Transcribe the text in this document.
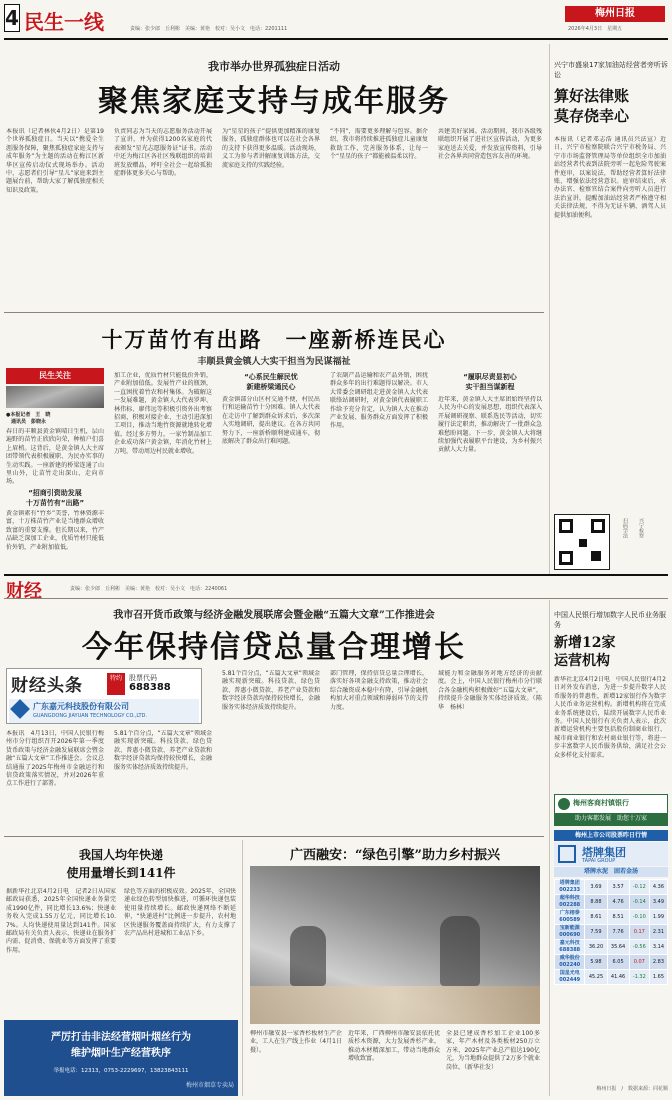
4 民生一线	责编：张少郎　丘利彬　美编：黄艳　校对：吴小文　电话：2201111
梅州日报
2026年4月3日　星期五
我市举办世界孤独症日活动
聚焦家庭支持与成年服务
本报讯（记者林伙4月2日）是第19个世界孤独症日。当天以“携爱全生涯服务保障，聚焦孤独症家庭支持与成年服务”为主题的活动在梅江区新华区宣传启动仪式现场举办。活动中，志愿者们引导“星儿”家庭来到主题展台前，帮助大家了解孤独症相关知识及政策。
负责同志为当天的志愿服务活动开展了宣讲，并为获得1200名家庭的代表颁发“星光志愿服务证”证书。活动中还为梅江区各社区残联组织的培训班发放赠品，呼吁全社会一起给孤独症群体更多关心与帮助。
为“星星的孩子”提供更加精准的康复服务，孤独症群体也可以在社会各界的支持下获得更多温暖。活动现场，义工为参与者讲解康复训练方法，交流家庭支持的实践经验。
“不同”，需要更多理解与包容。据介绍，我市将持续推进孤独症儿童康复救助工作，完善服务体系，让每一个“星星的孩子”都能被温柔以待。
共建美好家园。活动期间，我市各级残联组织开展了进社区宣传活动，为更多家庭送去关爱，并发放宣传资料，引导社会各界共同营造包容友善的环境。
兴宁市盛泉17家加油站经营者旁听诉讼
算好法律账
莫存侥幸心
本报讯（记者邓志浩 通讯员兴法宣）近日，兴宁市检察院联合兴宁市税务局、兴宁市市场监督管理局等单位组织全市加油站经营者代表到法院旁听一起危险驾驶案件庭审，以案说法，帮助经营者算好法律账，增强依法经营意识。庭审结束后，承办法官、检察官结合案件向旁听人员进行法治宣讲，提醒加油站经营者严格遵守相关法律法规，不得为无证车辆、酒驾人员提供加油便利。
扫码学法	兴宁检察
十万苗竹有出路　一座新桥连民心
丰顺县黄金镇人大实干担当为民谋福祉
民生关注
●本报记者　王　晓
　通讯员　彭晓永
春日的丰顺县黄金镇晴日生机，层山遍野的苗竹正欣欣向荣，种植户们喜上眉梢。这背后，是黄金镇人大主席团带领代表积极履职、为民办实事的生动实践。一座新建的桥梁连通了山里山外，让苗竹走出深山、走向市场。
“招商引资助发展
十万苗竹有“出路”
黄金镇素有“竹乡”美誉，竹林资源丰富，十万株苗竹产业是当地群众增收致富的重要支撑。但长期以来，竹产品缺乏深加工企业，优质竹材只能低价外销，产业附加值低。
加工企业，优质竹材只能低价外销，产业附加值低。发展竹产业的瓶颈，一直困扰着竹农和村集体。为破解这一发展难题，黄金镇人大代表罗坤、林伟标、廖伟远等积极引资外出考察招商，积极对接企业，主动引进深加工项目，推动当地竹资源就地转化增值。经过多方努力，一家竹制品加工企业成功落户黄金镇，年消化竹材上万吨，带动周边村民就业增收。
“心系民生解民忧
新建桥梁通民心
黄金镇部分山区村交通不便，村民出行和运输苗竹十分困难。镇人大代表在走访中了解到群众诉求后，多次深入实地调研，提出建议。在各方共同努力下，一座新桥顺利建成通车，彻底解决了群众出行难问题。
了农副产品运输和农产品外销，困扰群众多年的出行难题得以解决。市人大常委会调研组走进黄金镇人大代表联络站调研时，对黄金镇代表履职工作给予充分肯定，认为镇人大在推动产业发展、服务群众方面发挥了积极作用。
“履职尽责显初心
实干担当谋新程
近年来，黄金镇人大主席团始终坚持以人民为中心的发展思想，组织代表深入开展调研视察、联系选民等活动，切实履行法定职责，推动解决了一批群众急难愁盼问题。下一步，黄金镇人大将继续加强代表履职平台建设，为乡村振兴贡献人大力量。
财经	责编：张少郎　丘利彬　美编：黄艳　校对：吴小文　电话：2240061
我市召开货币政策与经济金融发展联席会暨金融“五篇大文章”工作推进会
今年保持信贷总量合理增长
财经头条	特约	股票代码
688388
广东嘉元科技股份有限公司
GUANGDONG JIAYUAN TECHNOLOGY CO.,LTD.
本报讯　4月13日，中国人民银行梅州市分行组织召开2026年第一季度货币政策与经济金融发展联席会暨金融“五篇大文章”工作推进会。会议总结通报了2025年梅州市金融运行和信贷政策落实情况，并对2026年重点工作进行了部署。
5.81个百分点，“五篇大文章”领域金融实现新突破。科技贷款、绿色贷款、普惠小微贷款、养老产业贷款和数字经济贷款均保持较快增长，金融服务实体经济质效持续提升。
5.81个百分点，“五篇大文章”领域金融实现新突破。科技贷款、绿色贷款、普惠小微贷款、养老产业贷款和数字经济贷款均保持较快增长，金融服务实体经济质效持续提升。
部门管理，保持信贷总量合理增长，落实好各项金融支持政策，推动社会综合融资成本稳中有降，引导金融机构加大对重点领域和薄弱环节的支持力度。
域能力和金融服务对地方经济的贡献度。会上，中国人民银行梅州市分行联合各金融机构积极做好“五篇大文章”，持续提升金融服务实体经济质效。（陈华　杨林）
中国人民银行增加数字人民币业务服务
新增12家
运营机构
新华社北京4月2日电　中国人民银行4月2日对外发布消息，为进一步提升数字人民币服务的普惠性，新增12家银行作为数字人民币业务运营机构。新增机构将在完成业务系统建设后，陆续开展数字人民币业务。中国人民银行有关负责人表示，此次新增运营机构主要包括股份制商业银行、城市商业银行和农村商业银行等，将进一步丰富数字人民币服务供给，满足社会公众多样化支付需求。
梅州客商村镇银行
助力客都发展　助您十万家
梅州上市公司股票昨日行情
塔牌集团
TAPAI GROUP
塔牌水泥　固若金汤
塔牌集团
002233	3.69	3.57	-0.12	4.36
超华科技
002288	8.88	4.76	-0.14	3.49
广东榕泰
600589	8.61	8.51	-0.10	1.99
宝新能源
000690	7.59	7.76	0.17	2.31
嘉元科技
688388	36.20	35.64	-0.56	3.14
威华股份
002240	5.98	6.05	0.07	2.83
国星光电
002449	45.25	41.46	-1.32	1.65
梅州日报　/　数据来源：同花顺
我国人均年快递
使用量增长到141件
据新华社北京4月2日电　记者2日从国家邮政局获悉，2025年全国快递业务量完成1990亿件，同比增长13.6%；快递业务收入完成1.55万亿元，同比增长10.7%。人均快递使用量达到141件。国家邮政局有关负责人表示，快递业在服务扩内需、促消费、保就业等方面发挥了重要作用。
绿色等方面的积极成效。2025年，全国快递业绿色转型加快推进，可循环快递包装使用量持续增长。邮政快递网络不断延伸，“快递进村”比例进一步提升，农村地区快递服务覆盖面持续扩大，有力支撑了农产品出村进城和工业品下乡。
广西融安：“绿色引擎”助力乡村振兴
柳州市融安县一家香杉板材生产企业，工人在生产线上作业（4月1日摄）。
近年来，广西柳州市融安县依托优质杉木资源，大力发展香杉产业，推动木材精深加工，带动当地群众增收致富。
全县已建成香杉加工企业100多家，年产木材及各类板材250万立方米，2025年产业总产值达190亿元，为当地群众提供了2万多个就业岗位。（新华社发）
严厉打击非法经营烟叶烟丝行为
维护烟叶生产经营秩序
举报电话：12313，0753-2229697，13823843111
梅州市烟草专卖局
